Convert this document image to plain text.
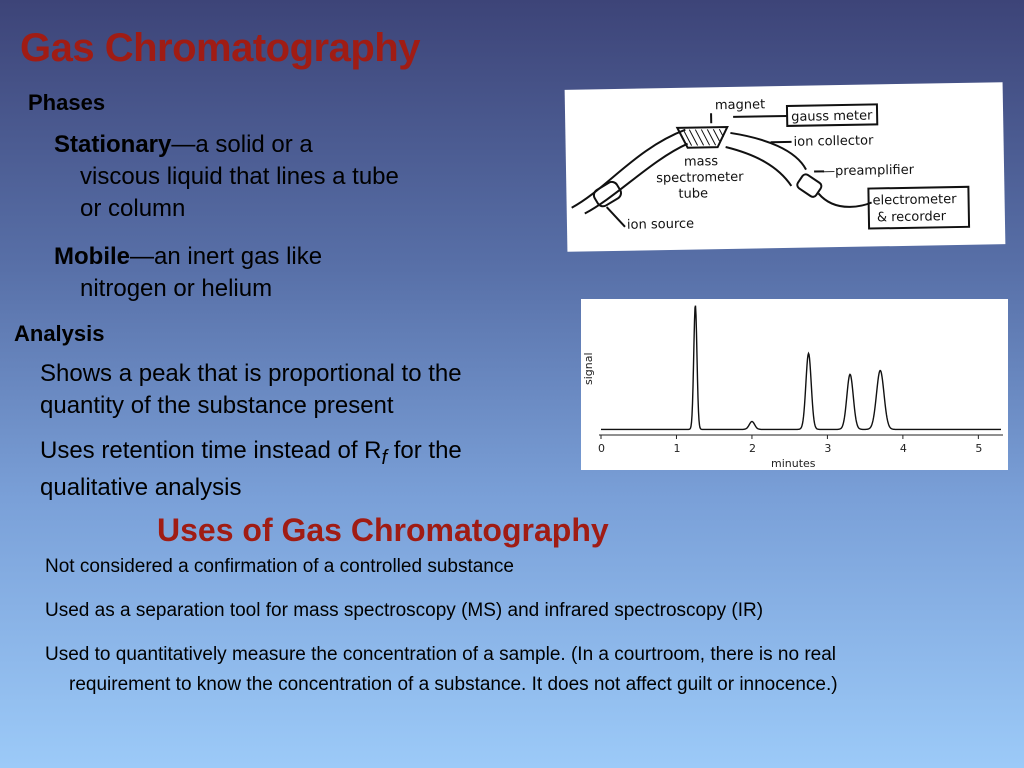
Gas Chromatography
Phases
Stationary—a solid or a
viscous liquid that lines a tube
or column
Mobile—an inert gas like
nitrogen or helium
Analysis
Shows a peak that is proportional to the
quantity of the substance present
Uses retention time instead of $R_f$ for the
qualitative analysis
Uses of Gas Chromatography
Not considered a confirmation of a controlled substance
Used as a separation tool for mass spectroscopy (MS) and infrared spectroscopy (IR)
Used to quantitatively measure the concentration of a sample. (In a courtroom, there is no real
requirement to know the concentration of a substance. It does not affect guilt or innocence.)
magnet
gauss meter
ion collector
—preamplifier
mass
spectrometer
tube
ion source
electrometer
& recorder
0	1	2	3	4	5
minutes
signal
